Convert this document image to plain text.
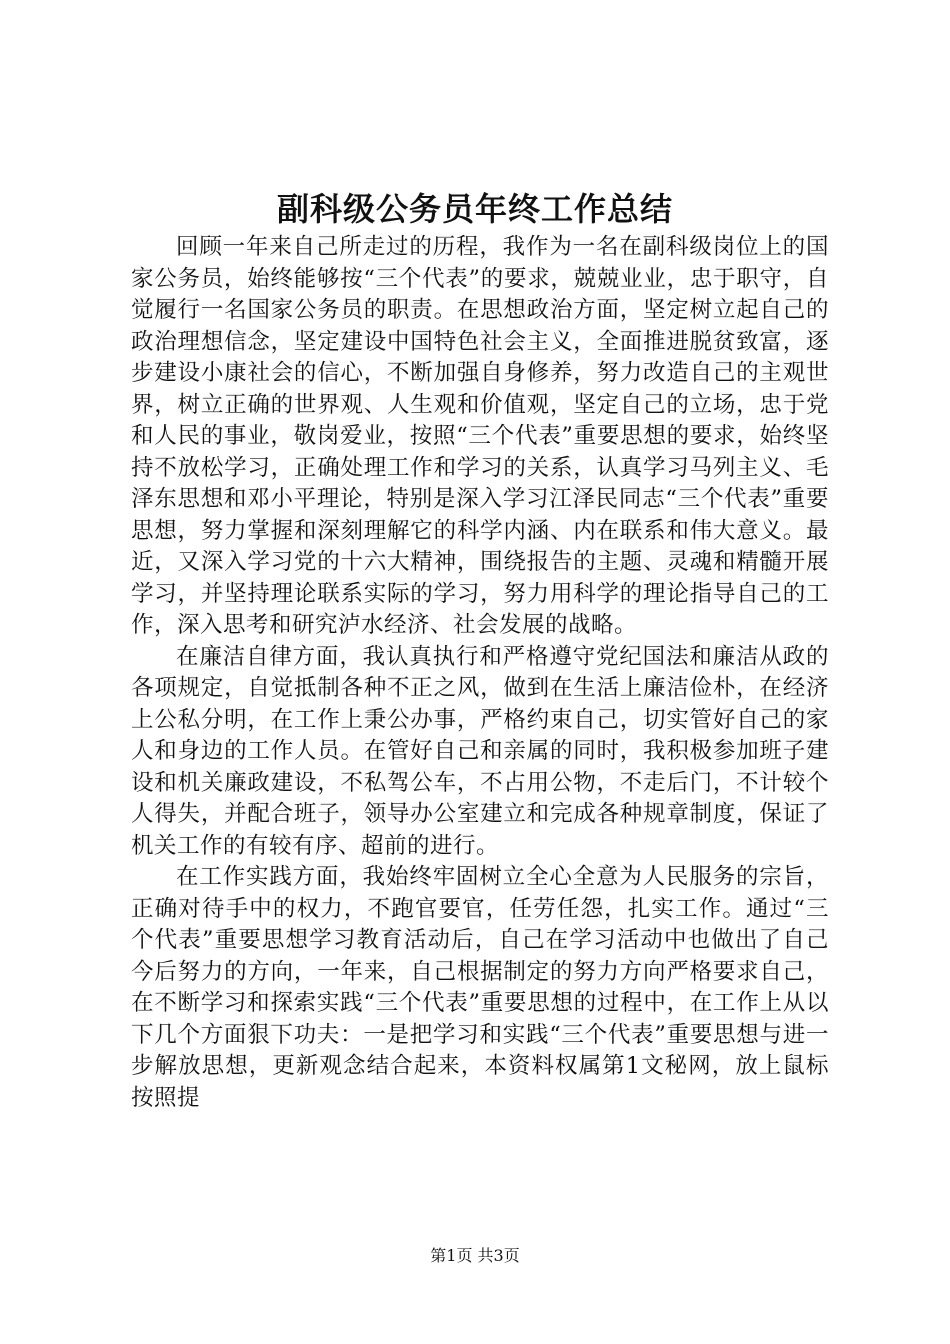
副科级公务员年终工作总结

回顾一年来自己所走过的历程，我作为一名在副科级岗位上的国家公务员，始终能够按“三个代表”的要求，兢兢业业，忠于职守，自觉履行一名国家公务员的职责。在思想政治方面，坚定树立起自己的政治理想信念，坚定建设中国特色社会主义，全面推进脱贫致富，逐步建设小康社会的信心，不断加强自身修养，努力改造自己的主观世界，树立正确的世界观、人生观和价值观，坚定自己的立场，忠于党和人民的事业，敬岗爱业，按照“三个代表”重要思想的要求，始终坚持不放松学习，正确处理工作和学习的关系，认真学习马列主义、毛泽东思想和邓小平理论，特别是深入学习江泽民同志“三个代表”重要思想，努力掌握和深刻理解它的科学内涵、内在联系和伟大意义。最近，又深入学习党的十六大精神，围绕报告的主题、灵魂和精髓开展学习，并坚持理论联系实际的学习，努力用科学的理论指导自己的工作，深入思考和研究泸水经济、社会发展的战略。

在廉洁自律方面，我认真执行和严格遵守党纪国法和廉洁从政的各项规定，自觉抵制各种不正之风，做到在生活上廉洁俭朴，在经济上公私分明，在工作上秉公办事，严格约束自己，切实管好自己的家人和身边的工作人员。在管好自己和亲属的同时，我积极参加班子建设和机关廉政建设，不私驾公车，不占用公物，不走后门，不计较个人得失，并配合班子，领导办公室建立和完成各种规章制度，保证了机关工作的有较有序、超前的进行。

在工作实践方面，我始终牢固树立全心全意为人民服务的宗旨，正确对待手中的权力，不跑官要官，任劳任怨，扎实工作。通过“三个代表”重要思想学习教育活动后，自己在学习活动中也做出了自己今后努力的方向，一年来，自己根据制定的努力方向严格要求自己，在不断学习和探索实践“三个代表”重要思想的过程中，在工作上从以下几个方面狠下功夫：一是把学习和实践“三个代表”重要思想与进一步解放思想，更新观念结合起来，本资料权属第1文秘网，放上鼠标按照提

第1页 共3页
